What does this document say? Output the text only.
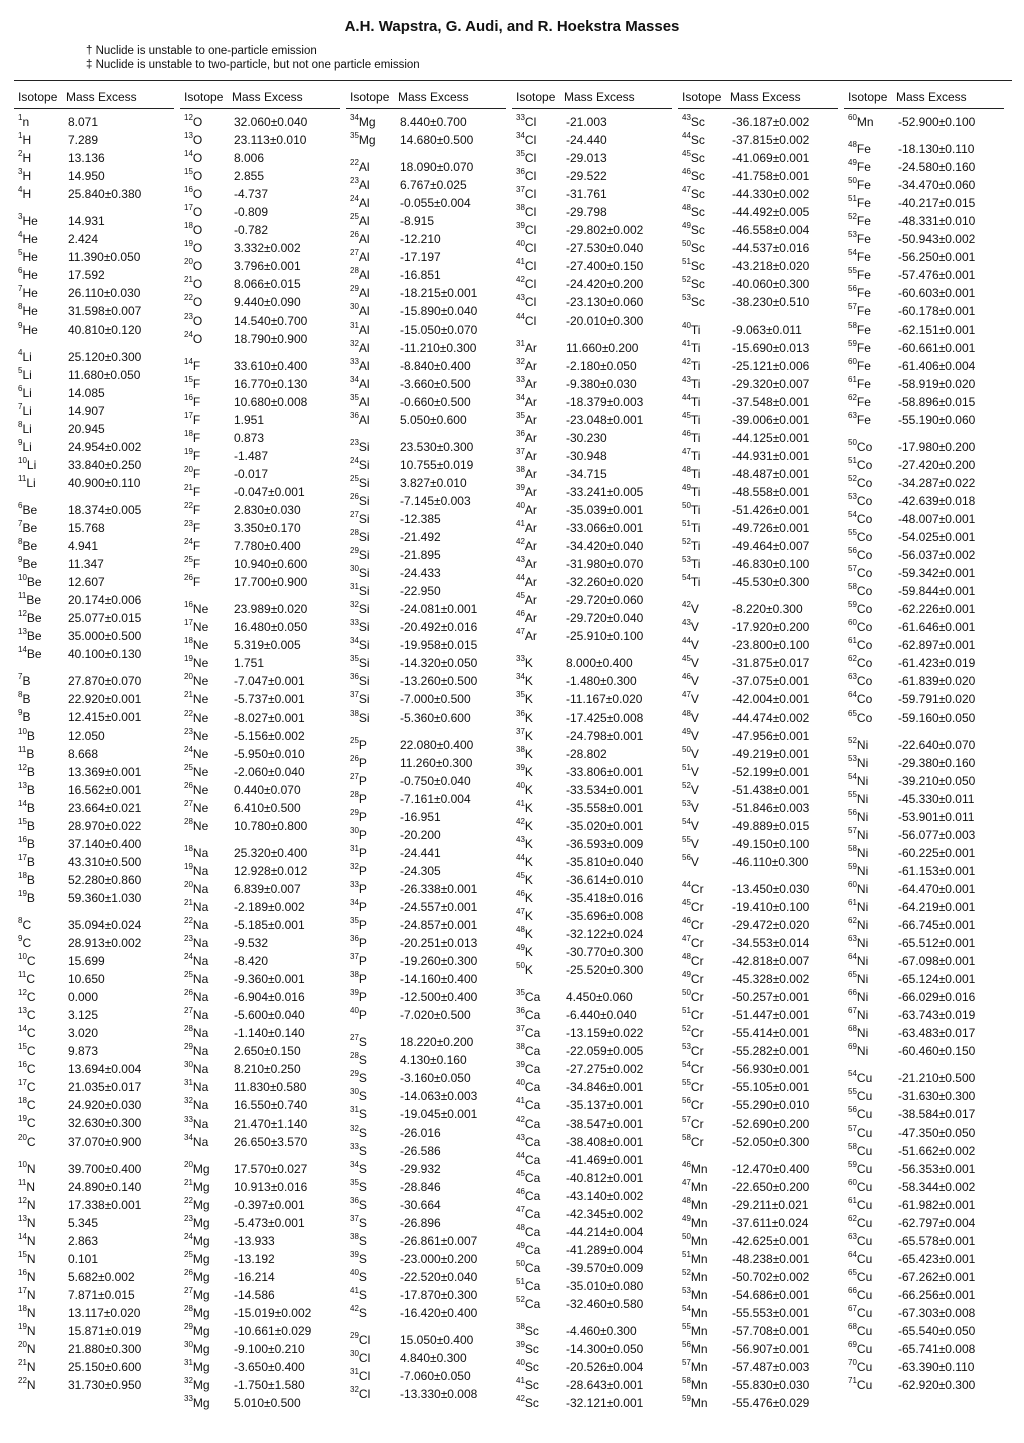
A.H. Wapstra, G. Audi, and R. Hoekstra Masses
† Nuclide is unstable to one-particle emission
‡ Nuclide is unstable to two-particle, but not one particle emission
Isotope Mass Excess
$^1$n	8.071
$^1$H	7.289
$^2$H	13.136
$^3$H	14.950
$^4$H	25.840±0.380
$^3$He	14.931
$^4$He	2.424
$^5$He	11.390±0.050
$^6$He	17.592
$^7$He	26.110±0.030
$^8$He	31.598±0.007
$^9$He	40.810±0.120
$^4$Li	25.120±0.300
$^5$Li	11.680±0.050
$^6$Li	14.085
$^7$Li	14.907
$^8$Li	20.945
$^9$Li	24.954±0.002
$^{10}$Li	33.840±0.250
$^{11}$Li	40.900±0.110
$^6$Be	18.374±0.005
$^7$Be	15.768
$^8$Be	4.941
$^9$Be	11.347
$^{10}$Be	12.607
$^{11}$Be	20.174±0.006
$^{12}$Be	25.077±0.015
$^{13}$Be	35.000±0.500
$^{14}$Be	40.100±0.130
$^7$B	27.870±0.070
$^8$B	22.920±0.001
$^9$B	12.415±0.001
$^{10}$B	12.050
$^{11}$B	8.668
$^{12}$B	13.369±0.001
$^{13}$B	16.562±0.001
$^{14}$B	23.664±0.021
$^{15}$B	28.970±0.022
$^{16}$B	37.140±0.400
$^{17}$B	43.310±0.500
$^{18}$B	52.280±0.860
$^{19}$B	59.360±1.030
$^8$C	35.094±0.024
$^9$C	28.913±0.002
$^{10}$C	15.699
$^{11}$C	10.650
$^{12}$C	0.000
$^{13}$C	3.125
$^{14}$C	3.020
$^{15}$C	9.873
$^{16}$C	13.694±0.004
$^{17}$C	21.035±0.017
$^{18}$C	24.920±0.030
$^{19}$C	32.630±0.300
$^{20}$C	37.070±0.900
$^{10}$N	39.700±0.400
$^{11}$N	24.890±0.140
$^{12}$N	17.338±0.001
$^{13}$N	5.345
$^{14}$N	2.863
$^{15}$N	0.101
$^{16}$N	5.682±0.002
$^{17}$N	7.871±0.015
$^{18}$N	13.117±0.020
$^{19}$N	15.871±0.019
$^{20}$N	21.880±0.300
$^{21}$N	25.150±0.600
$^{22}$N	31.730±0.950
Isotope Mass Excess
$^{12}$O	32.060±0.040
$^{13}$O	23.113±0.010
$^{14}$O	8.006
$^{15}$O	2.855
$^{16}$O	-4.737
$^{17}$O	-0.809
$^{18}$O	-0.782
$^{19}$O	3.332±0.002
$^{20}$O	3.796±0.001
$^{21}$O	8.066±0.015
$^{22}$O	9.440±0.090
$^{23}$O	14.540±0.700
$^{24}$O	18.790±0.900
$^{14}$F	33.610±0.400
$^{15}$F	16.770±0.130
$^{16}$F	10.680±0.008
$^{17}$F	1.951
$^{18}$F	0.873
$^{19}$F	-1.487
$^{20}$F	-0.017
$^{21}$F	-0.047±0.001
$^{22}$F	2.830±0.030
$^{23}$F	3.350±0.170
$^{24}$F	7.780±0.400
$^{25}$F	10.940±0.600
$^{26}$F	17.700±0.900
$^{16}$Ne	23.989±0.020
$^{17}$Ne	16.480±0.050
$^{18}$Ne	5.319±0.005
$^{19}$Ne	1.751
$^{20}$Ne	-7.047±0.001
$^{21}$Ne	-5.737±0.001
$^{22}$Ne	-8.027±0.001
$^{23}$Ne	-5.156±0.002
$^{24}$Ne	-5.950±0.010
$^{25}$Ne	-2.060±0.040
$^{26}$Ne	0.440±0.070
$^{27}$Ne	6.410±0.500
$^{28}$Ne	10.780±0.800
$^{18}$Na	25.320±0.400
$^{19}$Na	12.928±0.012
$^{20}$Na	6.839±0.007
$^{21}$Na	-2.189±0.002
$^{22}$Na	-5.185±0.001
$^{23}$Na	-9.532
$^{24}$Na	-8.420
$^{25}$Na	-9.360±0.001
$^{26}$Na	-6.904±0.016
$^{27}$Na	-5.600±0.040
$^{28}$Na	-1.140±0.140
$^{29}$Na	2.650±0.150
$^{30}$Na	8.210±0.250
$^{31}$Na	11.830±0.580
$^{32}$Na	16.550±0.740
$^{33}$Na	21.470±1.140
$^{34}$Na	26.650±3.570
$^{20}$Mg	17.570±0.027
$^{21}$Mg	10.913±0.016
$^{22}$Mg	-0.397±0.001
$^{23}$Mg	-5.473±0.001
$^{24}$Mg	-13.933
$^{25}$Mg	-13.192
$^{26}$Mg	-16.214
$^{27}$Mg	-14.586
$^{28}$Mg	-15.019±0.002
$^{29}$Mg	-10.661±0.029
$^{30}$Mg	-9.100±0.210
$^{31}$Mg	-3.650±0.400
$^{32}$Mg	-1.750±1.580
$^{33}$Mg	5.010±0.500
Isotope Mass Excess
$^{34}$Mg	8.440±0.700
$^{35}$Mg	14.680±0.500
$^{22}$Al	18.090±0.070
$^{23}$Al	6.767±0.025
$^{24}$Al	-0.055±0.004
$^{25}$Al	-8.915
$^{26}$Al	-12.210
$^{27}$Al	-17.197
$^{28}$Al	-16.851
$^{29}$Al	-18.215±0.001
$^{30}$Al	-15.890±0.040
$^{31}$Al	-15.050±0.070
$^{32}$Al	-11.210±0.300
$^{33}$Al	-8.840±0.400
$^{34}$Al	-3.660±0.500
$^{35}$Al	-0.660±0.500
$^{36}$Al	5.050±0.600
$^{23}$Si	23.530±0.300
$^{24}$Si	10.755±0.019
$^{25}$Si	3.827±0.010
$^{26}$Si	-7.145±0.003
$^{27}$Si	-12.385
$^{28}$Si	-21.492
$^{29}$Si	-21.895
$^{30}$Si	-24.433
$^{31}$Si	-22.950
$^{32}$Si	-24.081±0.001
$^{33}$Si	-20.492±0.016
$^{34}$Si	-19.958±0.015
$^{35}$Si	-14.320±0.050
$^{36}$Si	-13.260±0.500
$^{37}$Si	-7.000±0.500
$^{38}$Si	-5.360±0.600
$^{25}$P	22.080±0.400
$^{26}$P	11.260±0.300
$^{27}$P	-0.750±0.040
$^{28}$P	-7.161±0.004
$^{29}$P	-16.951
$^{30}$P	-20.200
$^{31}$P	-24.441
$^{32}$P	-24.305
$^{33}$P	-26.338±0.001
$^{34}$P	-24.557±0.001
$^{35}$P	-24.857±0.001
$^{36}$P	-20.251±0.013
$^{37}$P	-19.260±0.300
$^{38}$P	-14.160±0.400
$^{39}$P	-12.500±0.400
$^{40}$P	-7.020±0.500
$^{27}$S	18.220±0.200
$^{28}$S	4.130±0.160
$^{29}$S	-3.160±0.050
$^{30}$S	-14.063±0.003
$^{31}$S	-19.045±0.001
$^{32}$S	-26.016
$^{33}$S	-26.586
$^{34}$S	-29.932
$^{35}$S	-28.846
$^{36}$S	-30.664
$^{37}$S	-26.896
$^{38}$S	-26.861±0.007
$^{39}$S	-23.000±0.200
$^{40}$S	-22.520±0.040
$^{41}$S	-17.870±0.300
$^{42}$S	-16.420±0.400
$^{29}$Cl	15.050±0.400
$^{30}$Cl	4.840±0.300
$^{31}$Cl	-7.060±0.050
$^{32}$Cl	-13.330±0.008
Isotope Mass Excess
$^{33}$Cl	-21.003
$^{34}$Cl	-24.440
$^{35}$Cl	-29.013
$^{36}$Cl	-29.522
$^{37}$Cl	-31.761
$^{38}$Cl	-29.798
$^{39}$Cl	-29.802±0.002
$^{40}$Cl	-27.530±0.040
$^{41}$Cl	-27.400±0.150
$^{42}$Cl	-24.420±0.200
$^{43}$Cl	-23.130±0.060
$^{44}$Cl	-20.010±0.300
$^{31}$Ar	11.660±0.200
$^{32}$Ar	-2.180±0.050
$^{33}$Ar	-9.380±0.030
$^{34}$Ar	-18.379±0.003
$^{35}$Ar	-23.048±0.001
$^{36}$Ar	-30.230
$^{37}$Ar	-30.948
$^{38}$Ar	-34.715
$^{39}$Ar	-33.241±0.005
$^{40}$Ar	-35.039±0.001
$^{41}$Ar	-33.066±0.001
$^{42}$Ar	-34.420±0.040
$^{43}$Ar	-31.980±0.070
$^{44}$Ar	-32.260±0.020
$^{45}$Ar	-29.720±0.060
$^{46}$Ar	-29.720±0.040
$^{47}$Ar	-25.910±0.100
$^{33}$K	8.000±0.400
$^{34}$K	-1.480±0.300
$^{35}$K	-11.167±0.020
$^{36}$K	-17.425±0.008
$^{37}$K	-24.798±0.001
$^{38}$K	-28.802
$^{39}$K	-33.806±0.001
$^{40}$K	-33.534±0.001
$^{41}$K	-35.558±0.001
$^{42}$K	-35.020±0.001
$^{43}$K	-36.593±0.009
$^{44}$K	-35.810±0.040
$^{45}$K	-36.614±0.010
$^{46}$K	-35.418±0.016
$^{47}$K	-35.696±0.008
$^{48}$K	-32.122±0.024
$^{49}$K	-30.770±0.300
$^{50}$K	-25.520±0.300
$^{35}$Ca	4.450±0.060
$^{36}$Ca	-6.440±0.040
$^{37}$Ca	-13.159±0.022
$^{38}$Ca	-22.059±0.005
$^{39}$Ca	-27.275±0.002
$^{40}$Ca	-34.846±0.001
$^{41}$Ca	-35.137±0.001
$^{42}$Ca	-38.547±0.001
$^{43}$Ca	-38.408±0.001
$^{44}$Ca	-41.469±0.001
$^{45}$Ca	-40.812±0.001
$^{46}$Ca	-43.140±0.002
$^{47}$Ca	-42.345±0.002
$^{48}$Ca	-44.214±0.004
$^{49}$Ca	-41.289±0.004
$^{50}$Ca	-39.570±0.009
$^{51}$Ca	-35.010±0.080
$^{52}$Ca	-32.460±0.580
$^{38}$Sc	-4.460±0.300
$^{39}$Sc	-14.300±0.050
$^{40}$Sc	-20.526±0.004
$^{41}$Sc	-28.643±0.001
$^{42}$Sc	-32.121±0.001
Isotope Mass Excess
$^{43}$Sc	-36.187±0.002
$^{44}$Sc	-37.815±0.002
$^{45}$Sc	-41.069±0.001
$^{46}$Sc	-41.758±0.001
$^{47}$Sc	-44.330±0.002
$^{48}$Sc	-44.492±0.005
$^{49}$Sc	-46.558±0.004
$^{50}$Sc	-44.537±0.016
$^{51}$Sc	-43.218±0.020
$^{52}$Sc	-40.060±0.300
$^{53}$Sc	-38.230±0.510
$^{40}$Ti	-9.063±0.011
$^{41}$Ti	-15.690±0.013
$^{42}$Ti	-25.121±0.006
$^{43}$Ti	-29.320±0.007
$^{44}$Ti	-37.548±0.001
$^{45}$Ti	-39.006±0.001
$^{46}$Ti	-44.125±0.001
$^{47}$Ti	-44.931±0.001
$^{48}$Ti	-48.487±0.001
$^{49}$Ti	-48.558±0.001
$^{50}$Ti	-51.426±0.001
$^{51}$Ti	-49.726±0.001
$^{52}$Ti	-49.464±0.007
$^{53}$Ti	-46.830±0.100
$^{54}$Ti	-45.530±0.300
$^{42}$V	-8.220±0.300
$^{43}$V	-17.920±0.200
$^{44}$V	-23.800±0.100
$^{45}$V	-31.875±0.017
$^{46}$V	-37.075±0.001
$^{47}$V	-42.004±0.001
$^{48}$V	-44.474±0.002
$^{49}$V	-47.956±0.001
$^{50}$V	-49.219±0.001
$^{51}$V	-52.199±0.001
$^{52}$V	-51.438±0.001
$^{53}$V	-51.846±0.003
$^{54}$V	-49.889±0.015
$^{55}$V	-49.150±0.100
$^{56}$V	-46.110±0.300
$^{44}$Cr	-13.450±0.030
$^{45}$Cr	-19.410±0.100
$^{46}$Cr	-29.472±0.020
$^{47}$Cr	-34.553±0.014
$^{48}$Cr	-42.818±0.007
$^{49}$Cr	-45.328±0.002
$^{50}$Cr	-50.257±0.001
$^{51}$Cr	-51.447±0.001
$^{52}$Cr	-55.414±0.001
$^{53}$Cr	-55.282±0.001
$^{54}$Cr	-56.930±0.001
$^{55}$Cr	-55.105±0.001
$^{56}$Cr	-55.290±0.010
$^{57}$Cr	-52.690±0.200
$^{58}$Cr	-52.050±0.300
$^{46}$Mn	-12.470±0.400
$^{47}$Mn	-22.650±0.200
$^{48}$Mn	-29.211±0.021
$^{49}$Mn	-37.611±0.024
$^{50}$Mn	-42.625±0.001
$^{51}$Mn	-48.238±0.001
$^{52}$Mn	-50.702±0.002
$^{53}$Mn	-54.686±0.001
$^{54}$Mn	-55.553±0.001
$^{55}$Mn	-57.708±0.001
$^{56}$Mn	-56.907±0.001
$^{57}$Mn	-57.487±0.003
$^{58}$Mn	-55.830±0.030
$^{59}$Mn	-55.476±0.029
Isotope Mass Excess
$^{60}$Mn	-52.900±0.100
$^{48}$Fe	-18.130±0.110
$^{49}$Fe	-24.580±0.160
$^{50}$Fe	-34.470±0.060
$^{51}$Fe	-40.217±0.015
$^{52}$Fe	-48.331±0.010
$^{53}$Fe	-50.943±0.002
$^{54}$Fe	-56.250±0.001
$^{55}$Fe	-57.476±0.001
$^{56}$Fe	-60.603±0.001
$^{57}$Fe	-60.178±0.001
$^{58}$Fe	-62.151±0.001
$^{59}$Fe	-60.661±0.001
$^{60}$Fe	-61.406±0.004
$^{61}$Fe	-58.919±0.020
$^{62}$Fe	-58.896±0.015
$^{63}$Fe	-55.190±0.060
$^{50}$Co	-17.980±0.200
$^{51}$Co	-27.420±0.200
$^{52}$Co	-34.287±0.022
$^{53}$Co	-42.639±0.018
$^{54}$Co	-48.007±0.001
$^{55}$Co	-54.025±0.001
$^{56}$Co	-56.037±0.002
$^{57}$Co	-59.342±0.001
$^{58}$Co	-59.844±0.001
$^{59}$Co	-62.226±0.001
$^{60}$Co	-61.646±0.001
$^{61}$Co	-62.897±0.001
$^{62}$Co	-61.423±0.019
$^{63}$Co	-61.839±0.020
$^{64}$Co	-59.791±0.020
$^{65}$Co	-59.160±0.050
$^{52}$Ni	-22.640±0.070
$^{53}$Ni	-29.380±0.160
$^{54}$Ni	-39.210±0.050
$^{55}$Ni	-45.330±0.011
$^{56}$Ni	-53.901±0.011
$^{57}$Ni	-56.077±0.003
$^{58}$Ni	-60.225±0.001
$^{59}$Ni	-61.153±0.001
$^{60}$Ni	-64.470±0.001
$^{61}$Ni	-64.219±0.001
$^{62}$Ni	-66.745±0.001
$^{63}$Ni	-65.512±0.001
$^{64}$Ni	-67.098±0.001
$^{65}$Ni	-65.124±0.001
$^{66}$Ni	-66.029±0.016
$^{67}$Ni	-63.743±0.019
$^{68}$Ni	-63.483±0.017
$^{69}$Ni	-60.460±0.150
$^{54}$Cu	-21.210±0.500
$^{55}$Cu	-31.630±0.300
$^{56}$Cu	-38.584±0.017
$^{57}$Cu	-47.350±0.050
$^{58}$Cu	-51.662±0.002
$^{59}$Cu	-56.353±0.001
$^{60}$Cu	-58.344±0.002
$^{61}$Cu	-61.982±0.001
$^{62}$Cu	-62.797±0.004
$^{63}$Cu	-65.578±0.001
$^{64}$Cu	-65.423±0.001
$^{65}$Cu	-67.262±0.001
$^{66}$Cu	-66.256±0.001
$^{67}$Cu	-67.303±0.008
$^{68}$Cu	-65.540±0.050
$^{69}$Cu	-65.741±0.008
$^{70}$Cu	-63.390±0.110
$^{71}$Cu	-62.920±0.300
